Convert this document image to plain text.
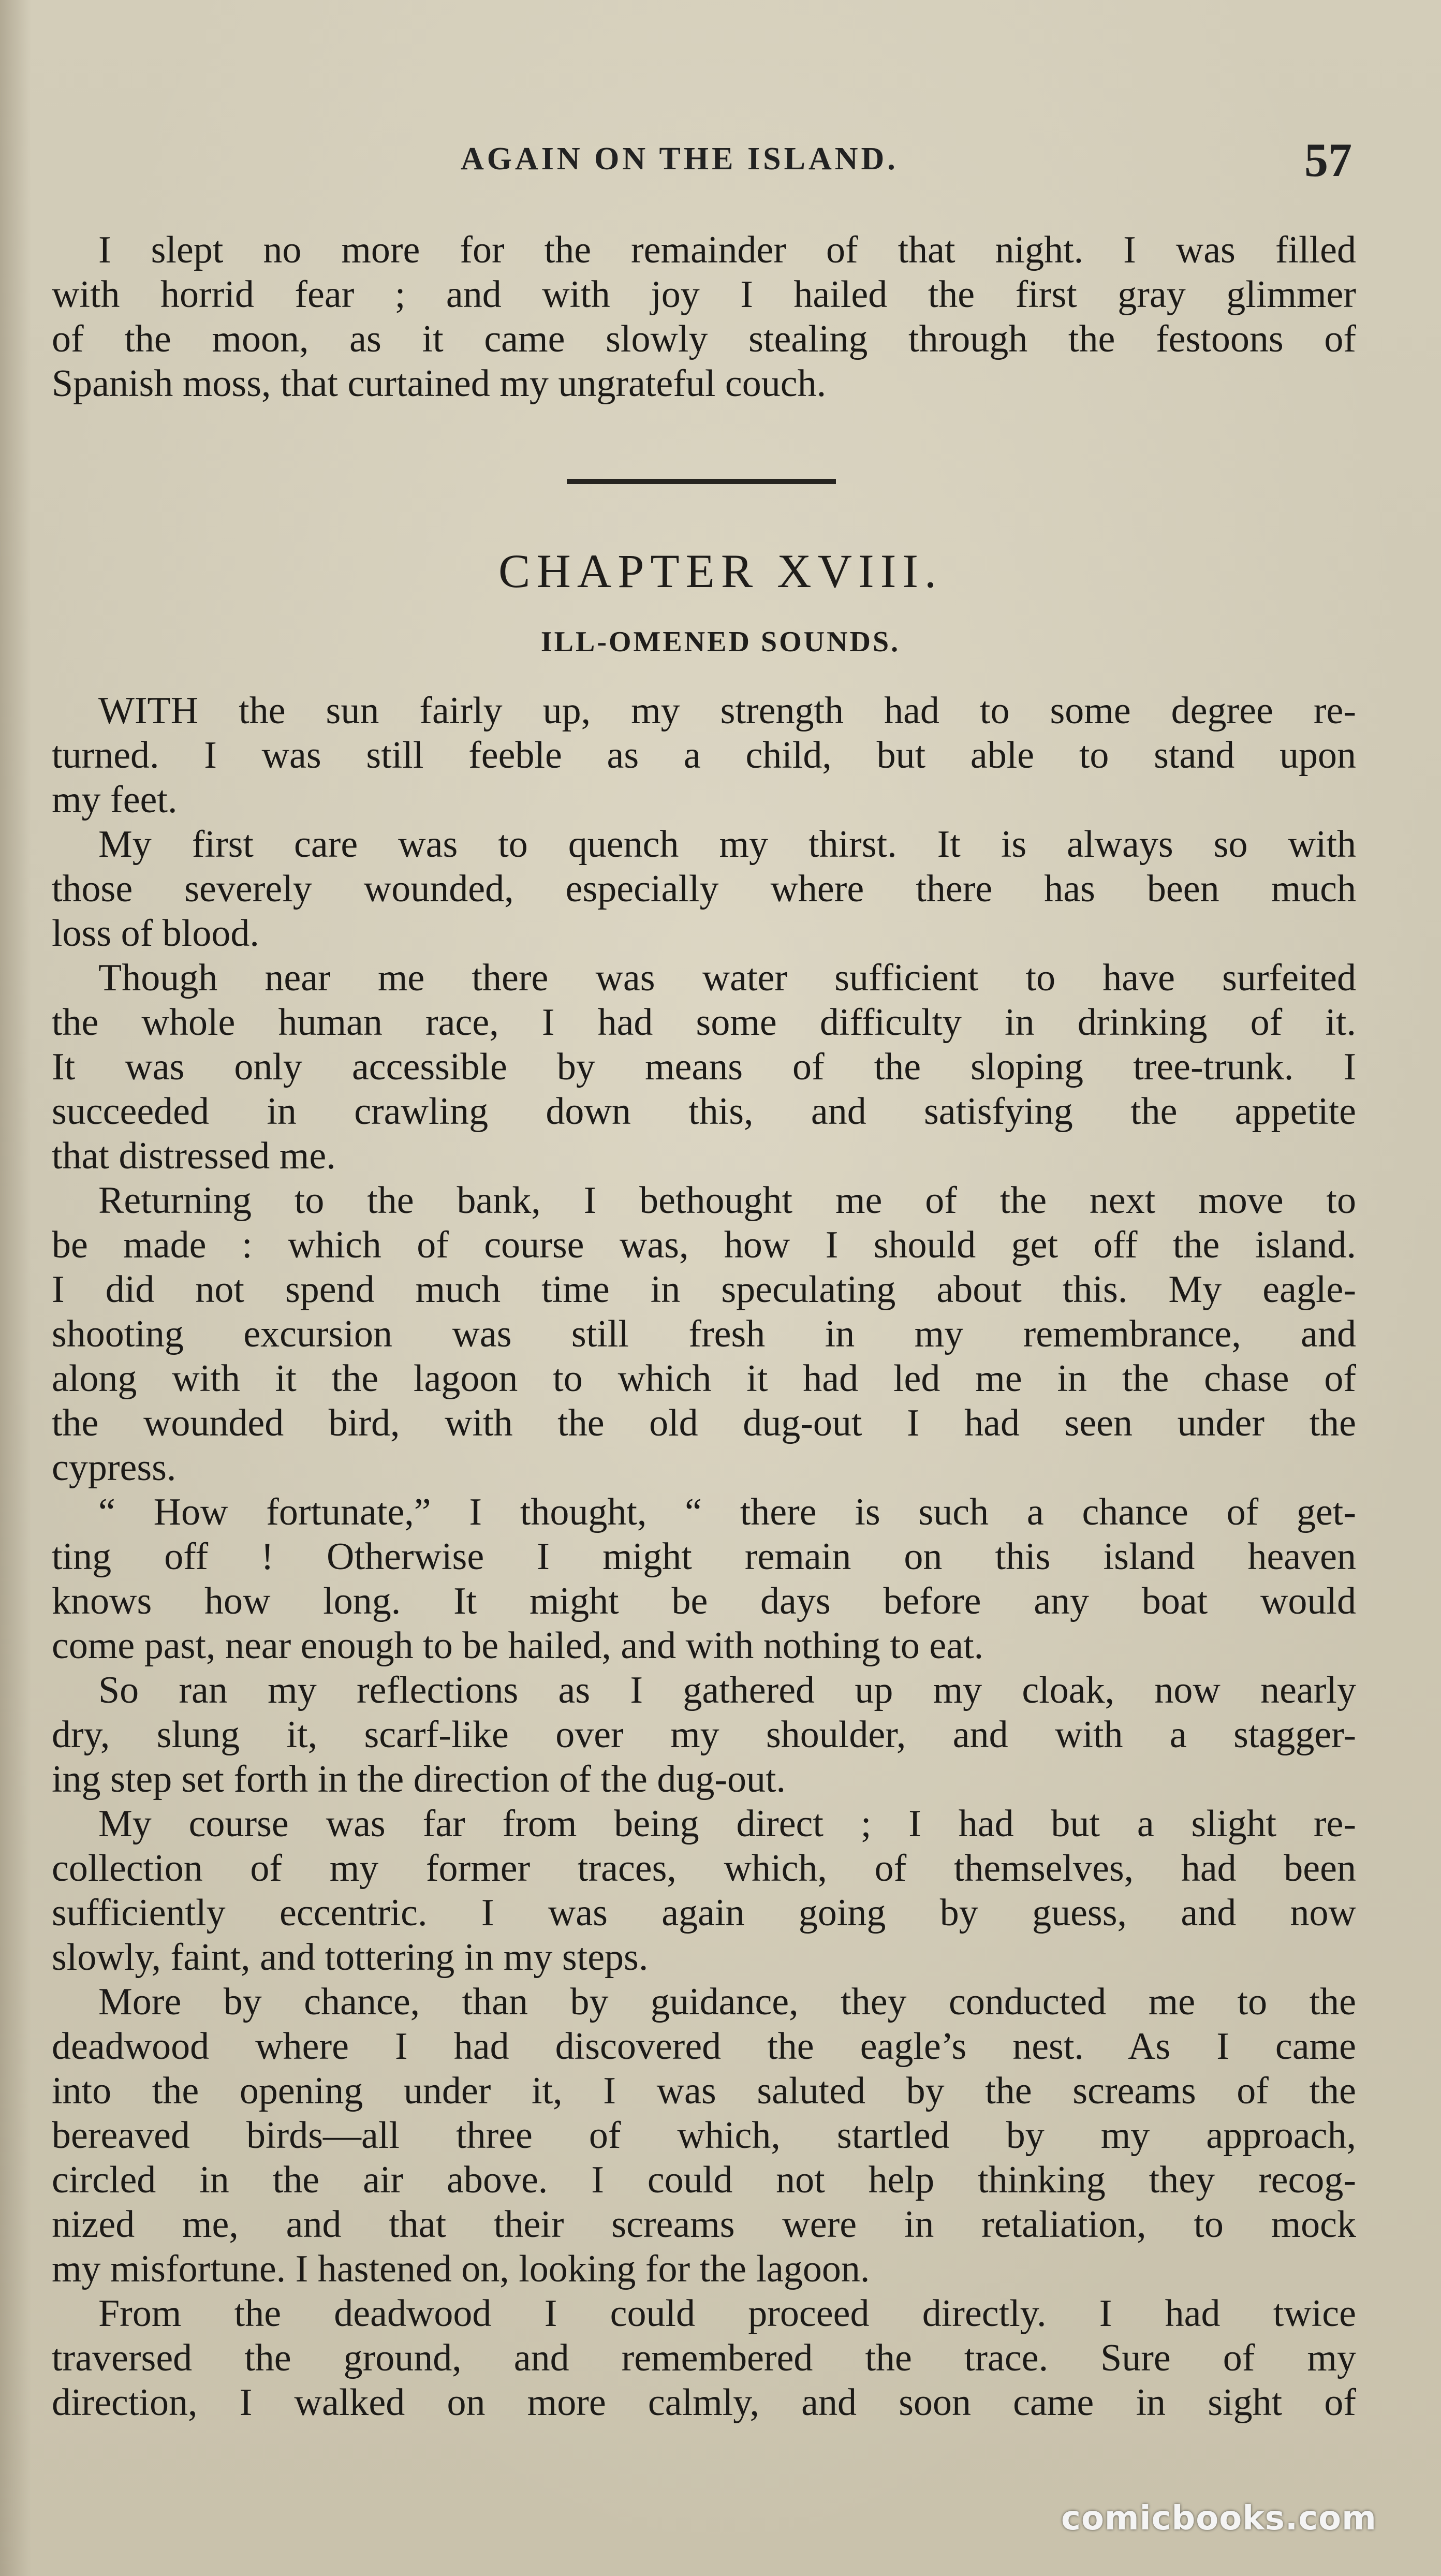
AGAIN ON THE ISLAND.	57
I slept no more for the remainder of that night. I was filled
with horrid fear ; and with joy I hailed the first gray glimmer
of the moon, as it came slowly stealing through the festoons of
Spanish moss, that curtained my ungrateful couch.
CHAPTER XVIII.
ILL-OMENED SOUNDS.
WITH the sun fairly up, my strength had to some degree re-
turned. I was still feeble as a child, but able to stand upon
my feet.
My first care was to quench my thirst. It is always so with
those severely wounded, especially where there has been much
loss of blood.
Though near me there was water sufficient to have surfeited
the whole human race, I had some difficulty in drinking of it.
It was only accessible by means of the sloping tree-trunk. I
succeeded in crawling down this, and satisfying the appetite
that distressed me.
Returning to the bank, I bethought me of the next move to
be made : which of course was, how I should get off the island.
I did not spend much time in speculating about this. My eagle-
shooting excursion was still fresh in my remembrance, and
along with it the lagoon to which it had led me in the chase of
the wounded bird, with the old dug-out I had seen under the
cypress.
“ How fortunate,” I thought, “ there is such a chance of get-
ting off ! Otherwise I might remain on this island heaven
knows how long. It might be days before any boat would
come past, near enough to be hailed, and with nothing to eat.
So ran my reflections as I gathered up my cloak, now nearly
dry, slung it, scarf-like over my shoulder, and with a stagger-
ing step set forth in the direction of the dug-out.
My course was far from being direct ; I had but a slight re-
collection of my former traces, which, of themselves, had been
sufficiently eccentric. I was again going by guess, and now
slowly, faint, and tottering in my steps.
More by chance, than by guidance, they conducted me to the
deadwood where I had discovered the eagle’s nest. As I came
into the opening under it, I was saluted by the screams of the
bereaved birds—all three of which, startled by my approach,
circled in the air above. I could not help thinking they recog-
nized me, and that their screams were in retaliation, to mock
my misfortune. I hastened on, looking for the lagoon.
From the deadwood I could proceed directly. I had twice
traversed the ground, and remembered the trace. Sure of my
direction, I walked on more calmly, and soon came in sight of
comicbooks.com
